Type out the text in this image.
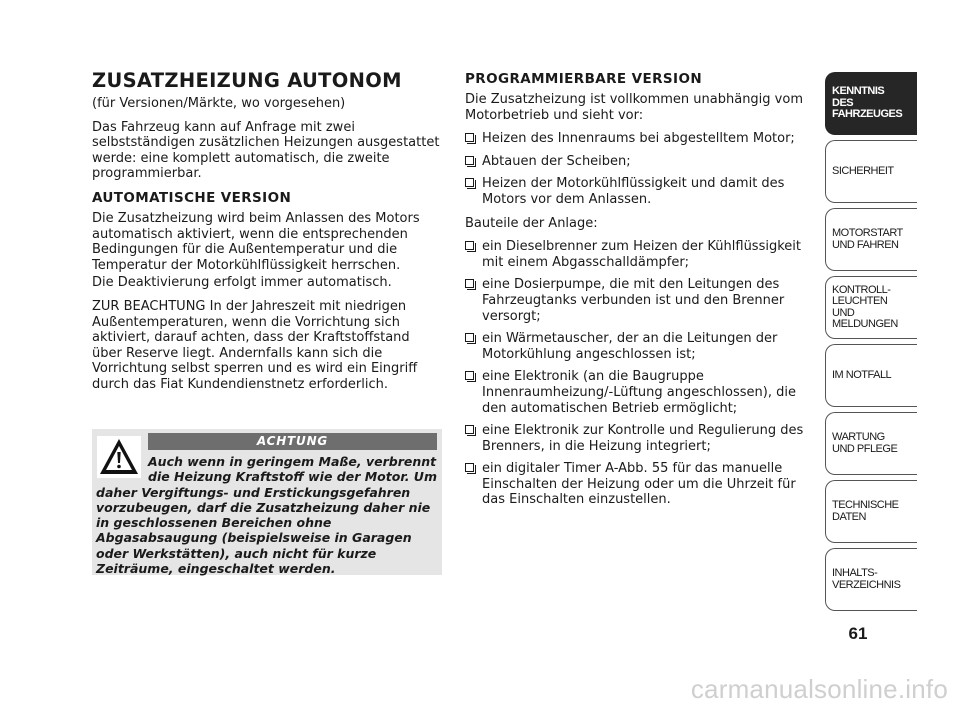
ZUSATZHEIZUNG AUTONOM

(für Versionen/Märkte, wo vorgesehen)

Das Fahrzeug kann auf Anfrage mit zwei selbstständigen zusätzlichen Heizungen ausgestattet werde: eine komplett automatisch, die zweite programmierbar.

AUTOMATISCHE VERSION

Die Zusatzheizung wird beim Anlassen des Motors automatisch aktiviert, wenn die entsprechenden Bedingungen für die Außentemperatur und die Temperatur der Motorkühlflüssigkeit herrschen.

Die Deaktivierung erfolgt immer automatisch.

ZUR BEACHTUNG In der Jahreszeit mit niedrigen Außentemperaturen, wenn die Vorrichtung sich aktiviert, darauf achten, dass der Kraftstoffstand über Reserve liegt. Andernfalls kann sich die Vorrichtung selbst sperren und es wird ein Eingriff durch das Fiat Kundendienstnetz erforderlich.

ACHTUNG
Auch wenn in geringem Maße, verbrennt die Heizung Kraftstoff wie der Motor. Um daher Vergiftungs- und Erstickungsgefahren vorzubeugen, darf die Zusatzheizung daher nie in geschlossenen Bereichen ohne Abgasabsaugung (beispielsweise in Garagen oder Werkstätten), auch nicht für kurze Zeiträume, eingeschaltet werden.
PROGRAMMIERBARE VERSION

Die Zusatzheizung ist vollkommen unabhängig vom Motorbetrieb und sieht vor:

Heizen des Innenraums bei abgestelltem Motor;
Abtauen der Scheiben;
Heizen der Motorkühlflüssigkeit und damit des Motors vor dem Anlassen.

Bauteile der Anlage:

ein Dieselbrenner zum Heizen der Kühlflüssigkeit mit einem Abgasschalldämpfer;
eine Dosierpumpe, die mit den Leitungen des Fahrzeugtanks verbunden ist und den Brenner versorgt;
ein Wärmetauscher, der an die Leitungen der Motorkühlung angeschlossen ist;
eine Elektronik (an die Baugruppe Innenraumheizung/-Lüftung angeschlossen), die den automatischen Betrieb ermöglicht;
eine Elektronik zur Kontrolle und Regulierung des Brenners, in die Heizung integriert;
ein digitaler Timer A-Abb. 55 für das manuelle Einschalten der Heizung oder um die Uhrzeit für das Einschalten einzustellen.
KENNTNIS
DES FAHRZEUGES
SICHERHEIT
MOTORSTART
UND FAHREN
KONTROLL-
LEUCHTEN
UND MELDUNGEN
IM NOTFALL
WARTUNG
UND PFLEGE
TECHNISCHE
DATEN
INHALTS-
VERZEICHNIS
61
carmanualsonline.info
